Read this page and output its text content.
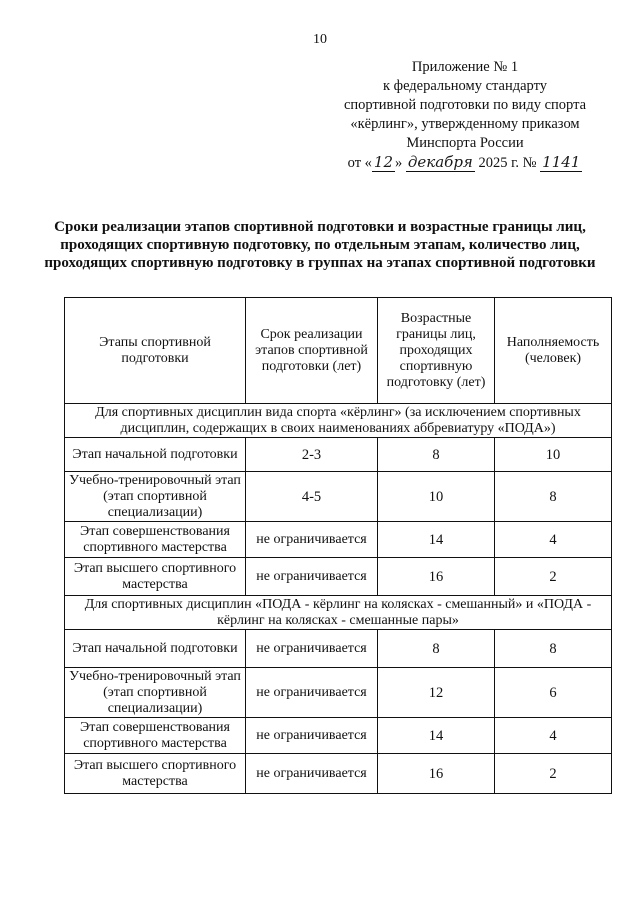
10
Приложение № 1
к федеральному стандарту
спортивной подготовки по виду спорта
«кёрлинг», утвержденному приказом
Минспорта России
от « 12 » декабря 2025 г. № 1141
Сроки реализации этапов спортивной подготовки и возрастные границы лиц, проходящих спортивную подготовку, по отдельным этапам, количество лиц, проходящих спортивную подготовку в группах на этапах спортивной подготовки
Этапы спортивной подготовки	Срок реализации этапов спортивной подготовки (лет)	Возрастные границы лиц, проходящих спортивную подготовку (лет)	Наполняемость (человек)
Для спортивных дисциплин вида спорта «кёрлинг» (за исключением спортивных дисциплин, содержащих в своих наименованиях аббревиатуру «ПОДА»)			
Этап начальной подготовки	2-3	8	10
Учебно-тренировочный этап (этап спортивной специализации)	4-5	10	8
Этап совершенствования спортивного мастерства	не ограничивается	14	4
Этап высшего спортивного мастерства	не ограничивается	16	2
Для спортивных дисциплин «ПОДА - кёрлинг на колясках - смешанный» и «ПОДА - кёрлинг на колясках - смешанные пары»			
Этап начальной подготовки	не ограничивается	8	8
Учебно-тренировочный этап (этап спортивной специализации)	не ограничивается	12	6
Этап совершенствования спортивного мастерства	не ограничивается	14	4
Этап высшего спортивного мастерства	не ограничивается	16	2
